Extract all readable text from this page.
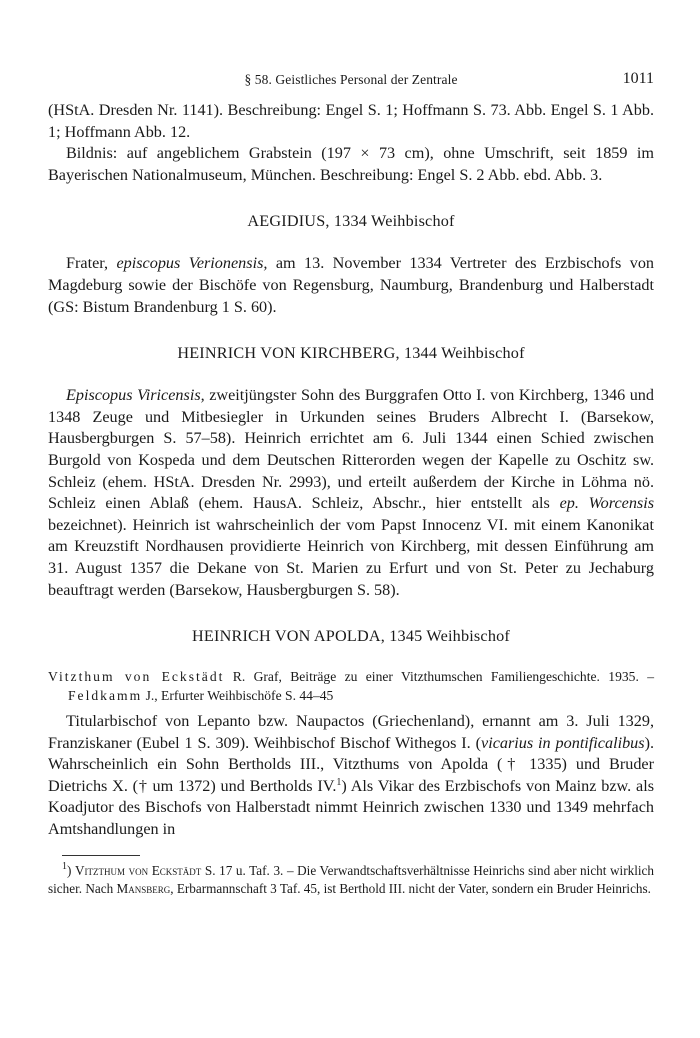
§ 58. Geistliches Personal der Zentrale	1011

(HStA. Dresden Nr. 1141). Beschreibung: Engel S. 1; Hoffmann S. 73. Abb. Engel S. 1 Abb. 1; Hoffmann Abb. 12.

Bildnis: auf angeblichem Grabstein (197 × 73 cm), ohne Umschrift, seit 1859 im Bayerischen Nationalmuseum, München. Beschreibung: Engel S. 2 Abb. ebd. Abb. 3.

AEGIDIUS, 1334 Weihbischof

Frater, episcopus Verionensis, am 13. November 1334 Vertreter des Erzbischofs von Magdeburg sowie der Bischöfe von Regensburg, Naumburg, Brandenburg und Halberstadt (GS: Bistum Brandenburg 1 S. 60).

HEINRICH VON KIRCHBERG, 1344 Weihbischof

Episcopus Viricensis, zweitjüngster Sohn des Burggrafen Otto I. von Kirchberg, 1346 und 1348 Zeuge und Mitbesiegler in Urkunden seines Bruders Albrecht I. (Barsekow, Hausbergburgen S. 57–58). Heinrich errichtet am 6. Juli 1344 einen Schied zwischen Burgold von Kospeda und dem Deutschen Ritterorden wegen der Kapelle zu Oschitz sw. Schleiz (ehem. HStA. Dresden Nr. 2993), und erteilt außerdem der Kirche in Löhma nö. Schleiz einen Ablaß (ehem. HausA. Schleiz, Abschr., hier entstellt als ep. Worcensis bezeichnet). Heinrich ist wahrscheinlich der vom Papst Innocenz VI. mit einem Kanonikat am Kreuzstift Nordhausen providierte Heinrich von Kirchberg, mit dessen Einführung am 31. August 1357 die Dekane von St. Marien zu Erfurt und von St. Peter zu Jechaburg beauftragt werden (Barsekow, Hausbergburgen S. 58).

HEINRICH VON APOLDA, 1345 Weihbischof
Vitzthum von Eckstädt R. Graf, Beiträge zu einer Vitzthumschen Familiengeschichte. 1935. – Feldkamm J., Erfurter Weihbischöfe S. 44–45

Titularbischof von Lepanto bzw. Naupactos (Griechenland), ernannt am 3. Juli 1329, Franziskaner (Eubel 1 S. 309). Weihbischof Bischof Withegos I. (vicarius in pontificalibus). Wahrscheinlich ein Sohn Bertholds III., Vitzthums von Apolda († 1335) und Bruder Dietrichs X. († um 1372) und Bertholds IV.$^1$) Als Vikar des Erzbischofs von Mainz bzw. als Koadjutor des Bischofs von Halberstadt nimmt Heinrich zwischen 1330 und 1349 mehrfach Amtshandlungen in

$^1$) Vitzthum von Eckstädt S. 17 u. Taf. 3. – Die Verwandtschaftsverhältnisse Heinrichs sind aber nicht wirklich sicher. Nach Mansberg, Erbarmannschaft 3 Taf. 45, ist Berthold III. nicht der Vater, sondern ein Bruder Heinrichs.
